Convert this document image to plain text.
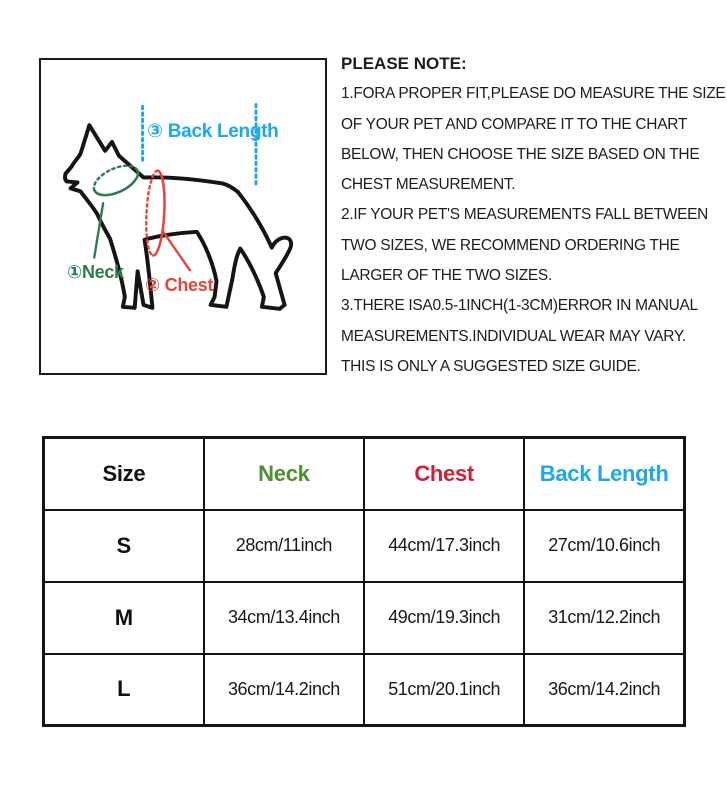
①Neck
② Chest
③ Back Length
PLEASE NOTE:
1.FORA PROPER FIT,PLEASE DO MEASURE THE SIZE
OF YOUR PET AND COMPARE IT TO THE CHART
BELOW, THEN CHOOSE THE SIZE BASED ON THE
CHEST MEASUREMENT.
2.IF YOUR PET'S MEASUREMENTS FALL BETWEEN
TWO SIZES, WE RECOMMEND ORDERING THE
LARGER OF THE TWO SIZES.
3.THERE ISA0.5-1INCH(1-3CM)ERROR IN MANUAL
MEASUREMENTS.INDIVIDUAL WEAR MAY VARY.
THIS IS ONLY A SUGGESTED SIZE GUIDE.
Size	Neck	Chest	Back Length
S	28cm/11inch	44cm/17.3inch	27cm/10.6inch
M	34cm/13.4inch	49cm/19.3inch	31cm/12.2inch
L	36cm/14.2inch	51cm/20.1inch	36cm/14.2inch
